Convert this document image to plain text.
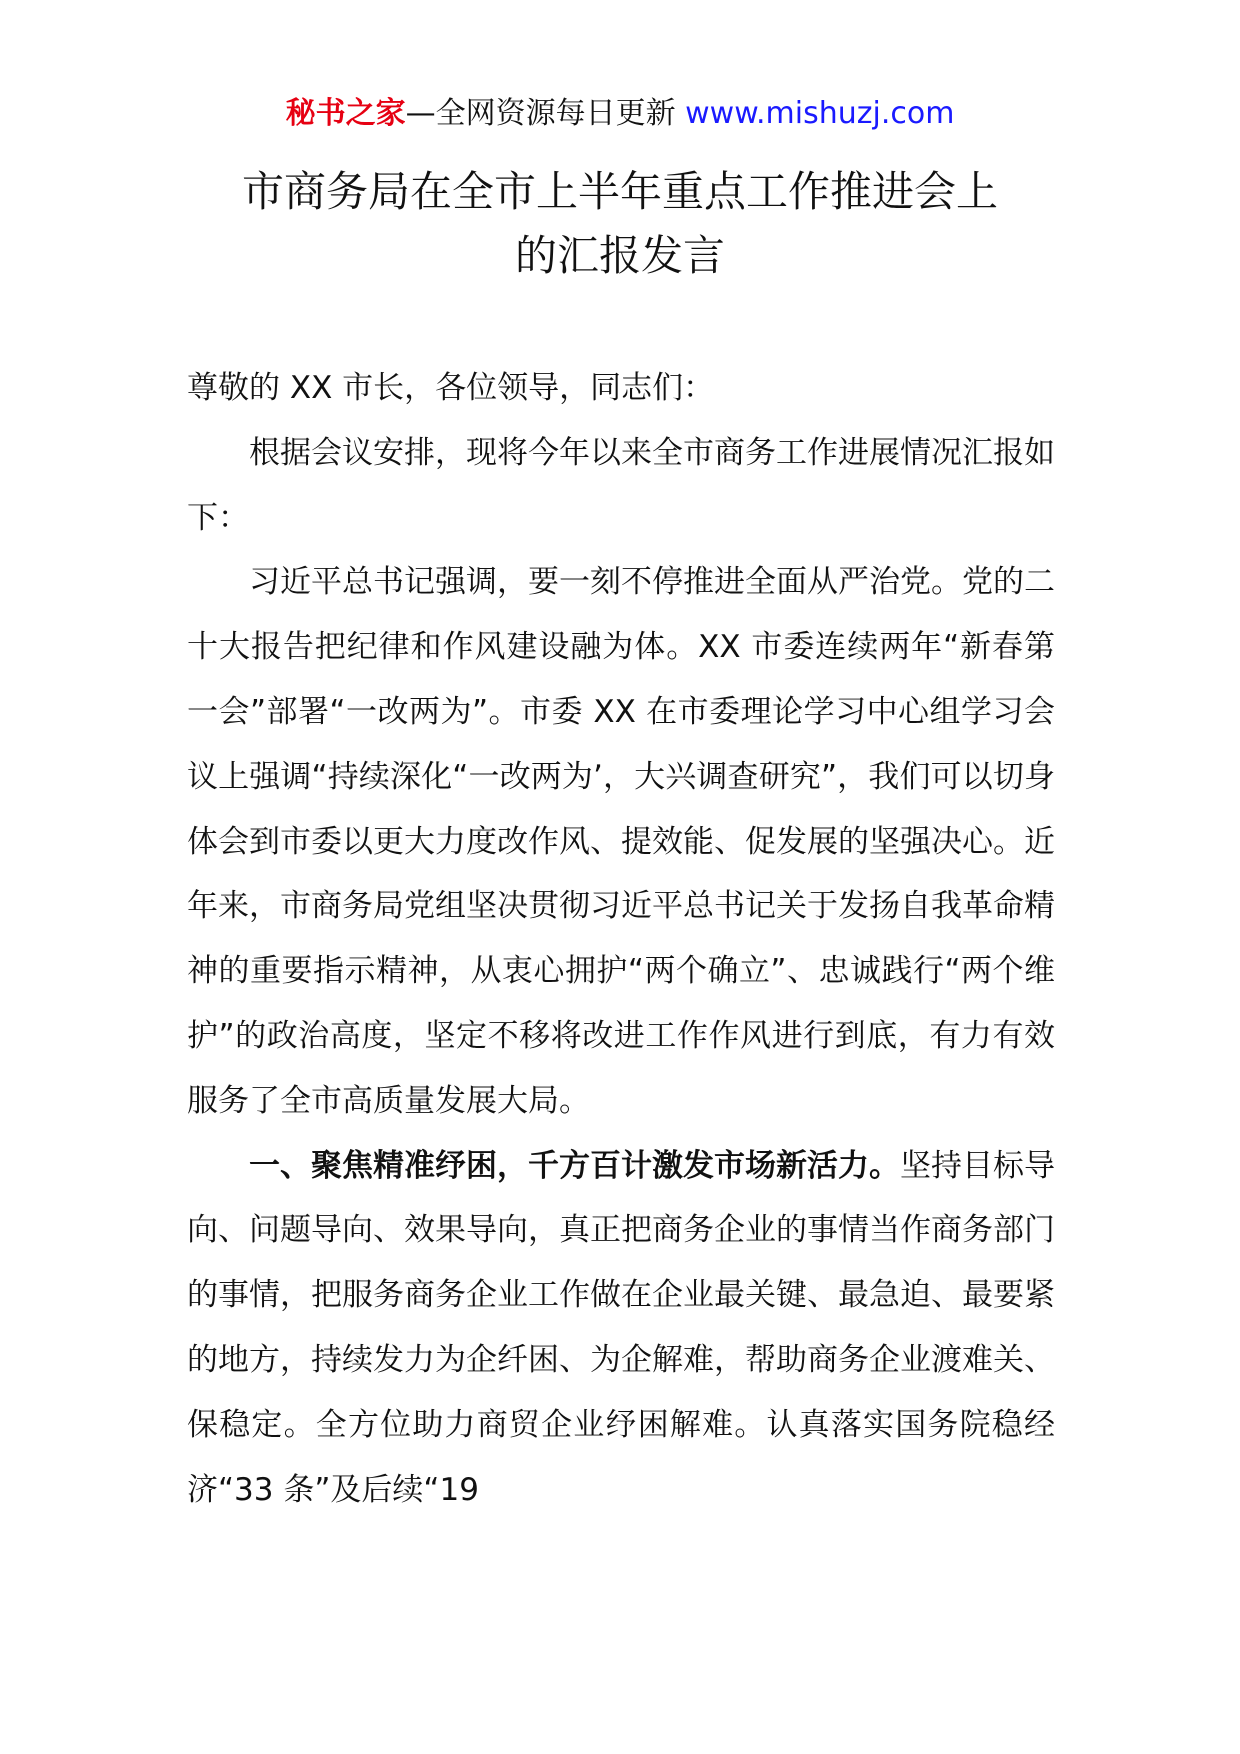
秘书之家—全网资源每日更新 www.mishuzj.com
市商务局在全市上半年重点工作推进会上
的汇报发言

尊敬的 XX 市长，各位领导，同志们：

根据会议安排，现将今年以来全市商务工作进展情况汇报如下：

习近平总书记强调，要一刻不停推进全面从严治党。党的二十大报告把纪律和作风建设融为体。XX 市委连续两年“新春第一会”部署“一改两为”。市委 XX 在市委理论学习中心组学习会议上强调“持续深化“一改两为’，大兴调查研究”，我们可以切身体会到市委以更大力度改作风、提效能、促发展的坚强决心。近年来，市商务局党组坚决贯彻习近平总书记关于发扬自我革命精神的重要指示精神，从衷心拥护“两个确立”、忠诚践行“两个维护”的政治高度，坚定不移将改进工作作风进行到底，有力有效服务了全市高质量发展大局。

一、聚焦精准纾困，千方百计激发市场新活力。坚持目标导向、问题导向、效果导向，真正把商务企业的事情当作商务部门的事情，把服务商务企业工作做在企业最关键、最急迫、最要紧的地方，持续发力为企纤困、为企解难，帮助商务企业渡难关、保稳定。全方位助力商贸企业纾困解难。认真落实国务院稳经济“33 条”及后续“19
